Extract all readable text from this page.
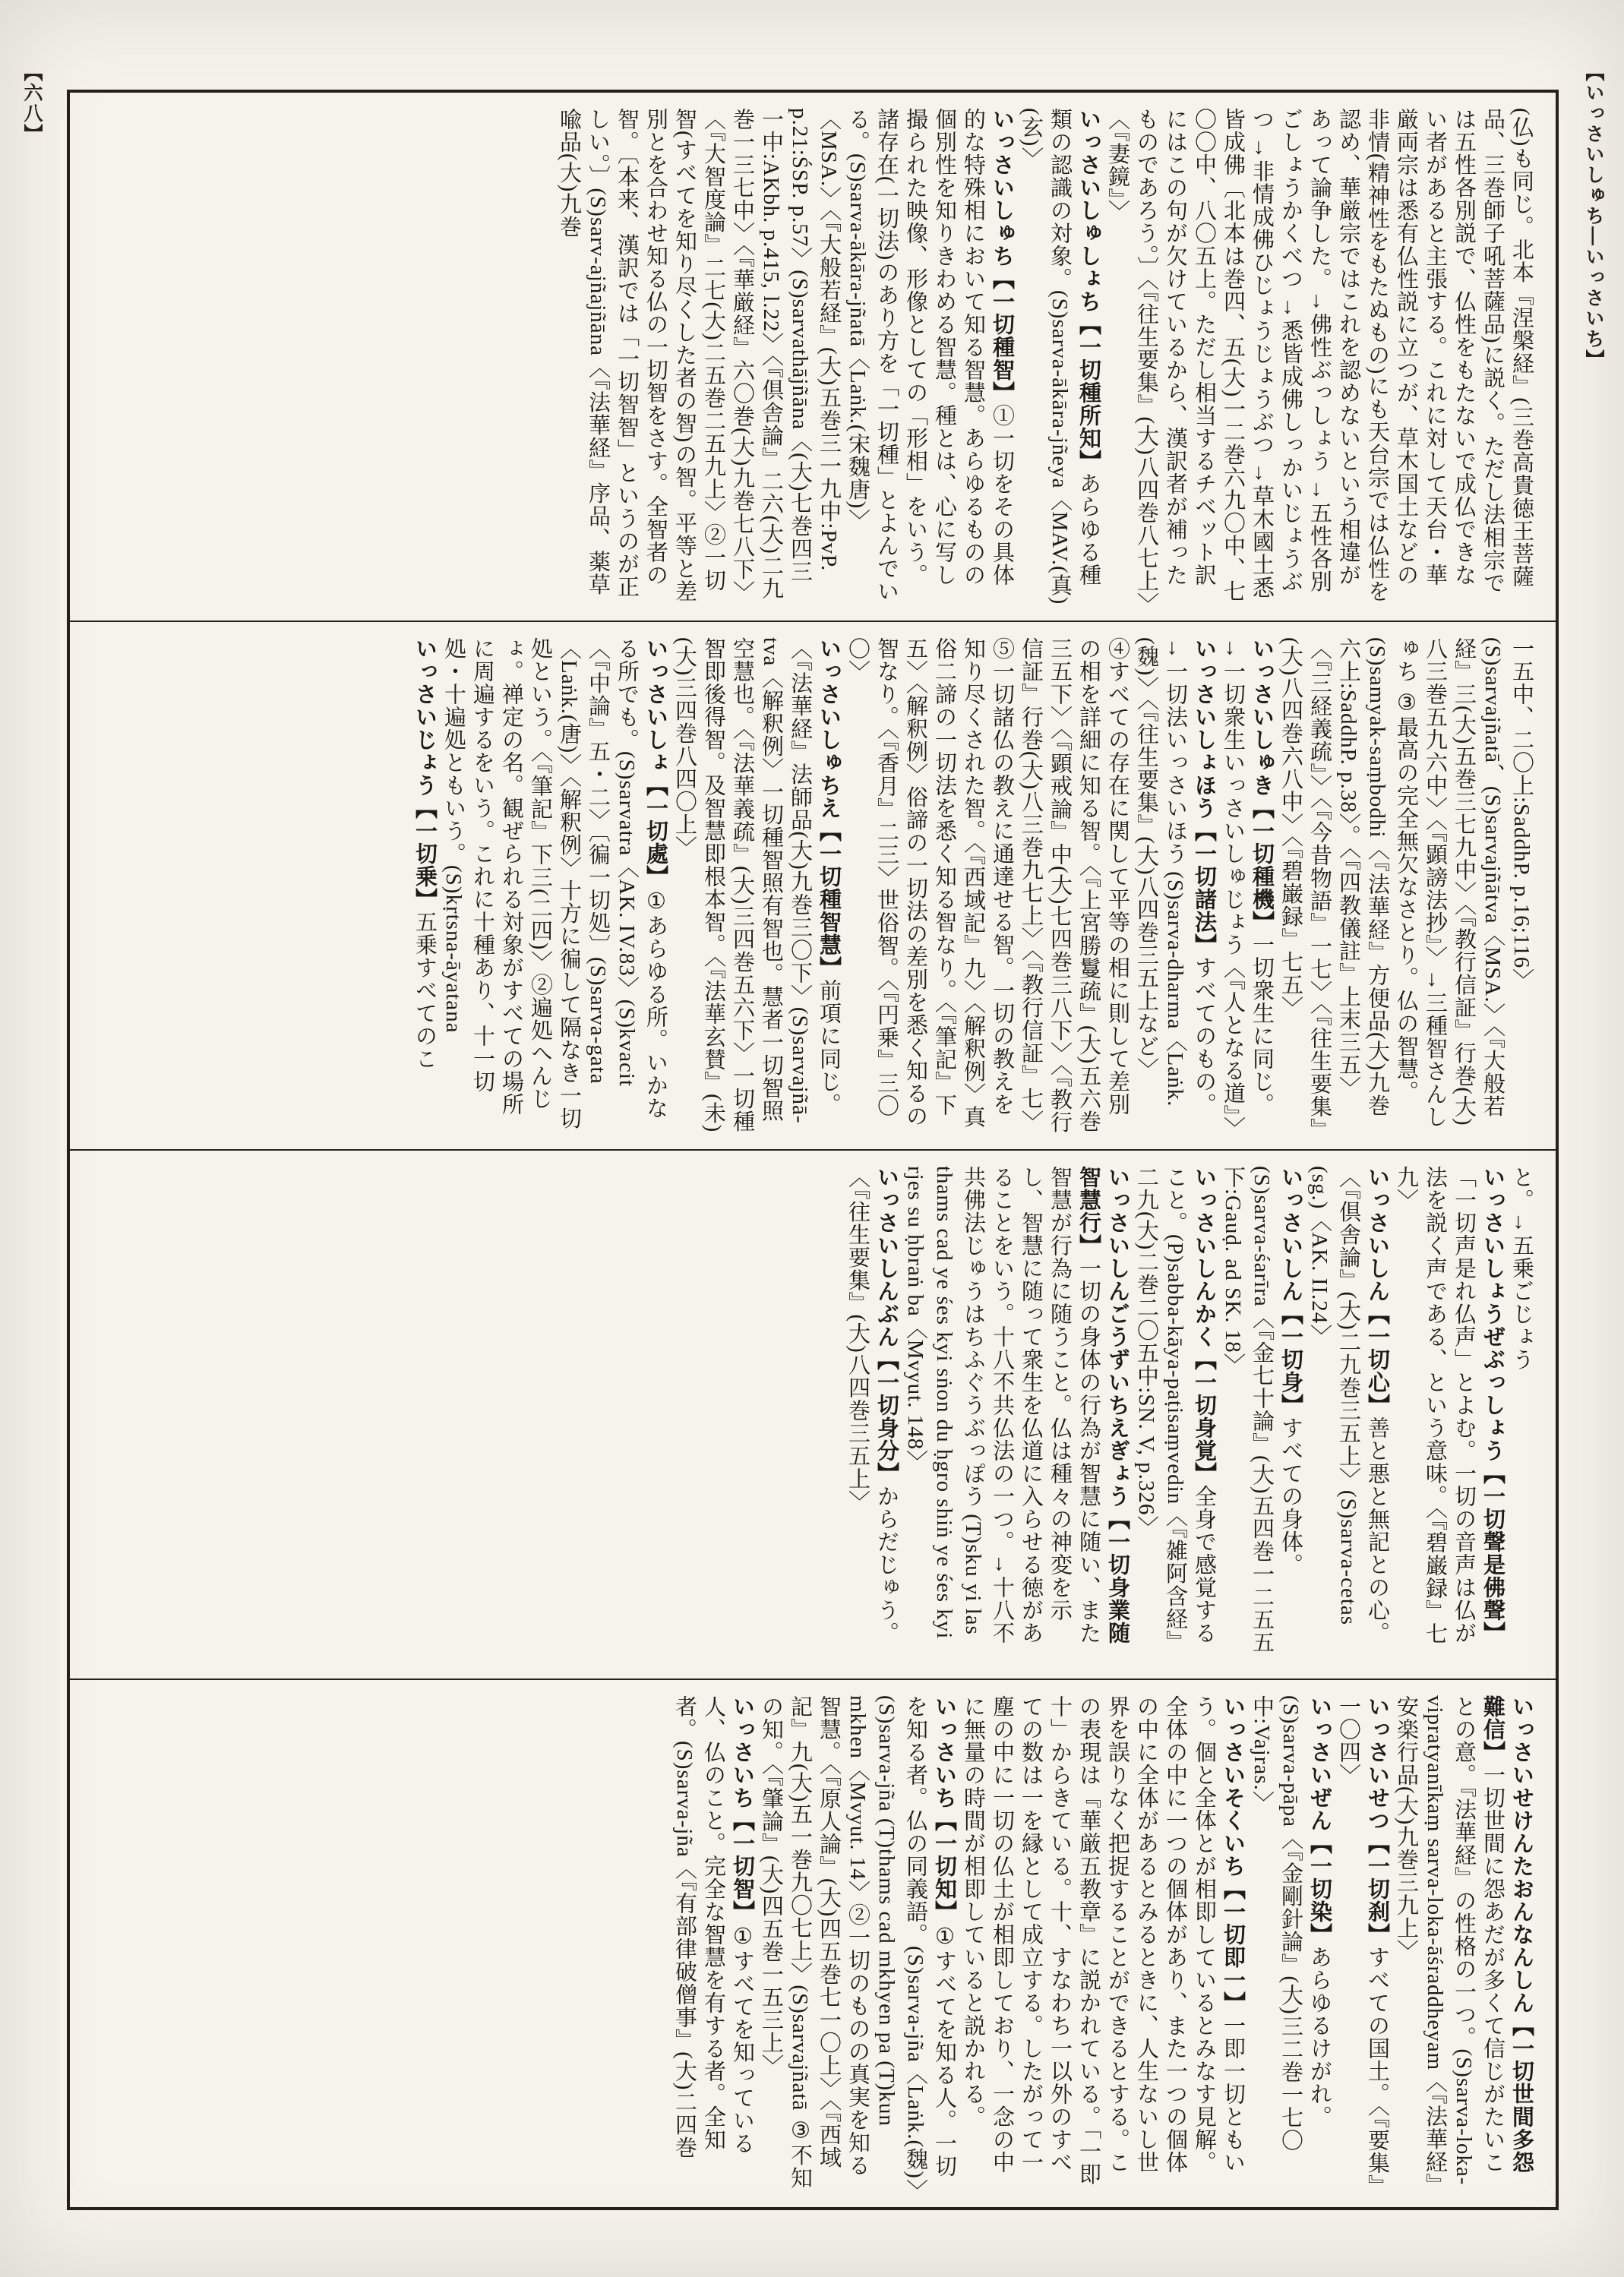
【いっさいしゅち―いっさいち】
【六八】

(仏)も同じ。北本『涅槃経』(三巻高貴徳王菩薩品、三巻師子吼菩薩品)に説く。ただし法相宗では五性各別説で、仏性をもたないで成仏できない者があると主張する。これに対して天台・華厳両宗は悉有仏性説に立つが、草木国土などの非情(精神性をもたぬもの)にも天台宗では仏性を認め、華厳宗ではこれを認めないという相違があって論争した。→佛性ぶっしょう →五性各別ごしょうかくべつ →悉皆成佛しっかいじょうぶつ →非情成佛ひじょうじょうぶつ →草木國土悉皆成佛〔北本は巻四、五(大)一二巻六九〇中、七〇〇中、八〇五上。ただし相当するチベット訳にはこの句が欠けているから、漢訳者が補ったものであろう。〕〈『往生要集』(大)八四巻八七上〉〈『妻鏡』〉

いっさいしゅしょち【一切種所知】あらゆる種類の認識の対象。(S)sarva-ākāra-jñeya〈MAV.(真)(玄)〉

いっさいしゅち【一切種智】①一切をその具体的な特殊相において知る智慧。あらゆるものの個別性を知りきわめる智慧。種とは、心に写し撮られた映像、形像としての「形相」をいう。諸存在(一切法)のあり方を「一切種」とよんでいる。(S)sarva-ākāra-jñatā〈Laṅk.(宋魏唐)〉〈MSA.〉〈『大般若経』(大)五巻三一九中:PvP. p.21:ŚSP. p.57〉(S)sarvathājñāna〈(大)七巻四三一中:AKbh. p.415, l.22〉〈『倶舎論』二六(大)二九巻一三七中〉〈『華厳経』六〇巻(大)九巻七八下〉〈『大智度論』二七(大)二五巻二五九上〉②一切智(すべてを知り尽くした者の智)の智。平等と差別とを合わせ知る仏の一切智をさす。全智者の智。〔本来、漢訳では「一切智智」というのが正しい。〕(S)sarv-ajñajñāna〈『法華経』序品、薬草喩品(大)九巻

一五中、二〇上:SaddhP. p.16;116〉(S)sarvajñatā、(S)sarvajñātva〈MSA.〉〈『大般若経』三(大)五巻三七九中〉〈『教行信証』行巻(大)八三巻五九六中〉〈『顕謗法抄』〉→三種智さんしゅち ③最高の完全無欠なさとり。仏の智慧。(S)samyak-saṃbodhi〈『法華経』方便品(大)九巻六上:SaddhP. p.38〉。〈『四教儀註』上末三五〉〈『三経義疏』〉〈『今昔物語』一七〉〈『往生要集』(大)八四巻六八中〉〈『碧巌録』七五〉

いっさいしゅき【一切種機】一切衆生に同じ。→一切衆生いっさいしゅじょう〈『人となる道』〉

いっさいしょほう【一切諸法】すべてのもの。→一切法いっさいほう (S)sarva-dharma〈Laṅk.(魏)〉〈『往生要集』(大)八四巻三五上など〉

④すべての存在に関して平等の相に則して差別の相を詳細に知る智。〈『上宮勝鬘疏』(大)五六巻三五下〉〈『顕戒論』中(大)七四巻三八下〉〈『教行信証』行巻(大)八三巻九七上〉〈『教行信証』七〉⑤一切諸仏の教えに通達せる智。一切の教えを知り尽くされた智。〈『西域記』九〉〈解釈例〉真俗二諦の一切法を悉く知る智なり。〈『筆記』下五〉〈解釈例〉俗諦の一切法の差別を悉く知るの智なり。〈『香月』二三〉世俗智。〈『円乗』三〇〇〉

いっさいしゅちえ【一切種智慧】前項に同じ。〈『法華経』法師品(大)九巻三〇下〉(S)sarvajñā-tva〈解釈例〉一切種智照有智也。慧者一切智照空慧也。〈『法華義疏』(大)三四巻五六下〉一切種智即後得智。及智慧即根本智。〈『法華玄賛』(未)(大)三四巻八四〇上〉

いっさいしょ【一切處】①あらゆる所。いかなる所でも。(S)sarvatra〈AK. IV.83〉(S)kvacit〈『中論』五・二〉〔徧一切処〕(S)sarva-gata〈Laṅk.(唐)〉〈解釈例〉十方に徧して隔なき一切処という。〈『筆記』下三(二四)〉②遍処へんじょ。禅定の名。観ぜられる対象がすべての場所に周遍するをいう。これに十種あり、十一切処・十遍処ともいう。(S)kṛtsna-āyatana

いっさいじょう【一切乗】五乗すべてのこ

と。→五乗ごじょう

いっさいしょうぜぶっしょう【一切聲是佛聲】「一切声是れ仏声」とよむ。一切の音声は仏が法を説く声である、という意味。〈『碧巌録』七九〉

いっさいしん【一切心】善と悪と無記との心。〈『倶舎論』(大)二九巻三五上〉(S)sarva-cetas (sg.)〈AK. II.24〉

いっさいしん【一切身】すべての身体。(S)sarva-śarīra〈『金七十論』(大)五四巻一二五五下:Gauḍ. ad SK. 18〉

いっさいしんかく【一切身覚】全身で感覚すること。(P)sabba-kāya-paṭisaṃvedin〈『雑阿含経』二九(大)二巻二〇五中:SN. V, p.326〉

いっさいしんごうずいちえぎょう【一切身業随智慧行】一切の身体の行為が智慧に随い、また智慧が行為に随うこと。仏は種々の神変を示し、智慧に随って衆生を仏道に入らせる徳があることをいう。十八不共仏法の一つ。→十八不共佛法じゅうはちふぐうぶっぽう (T)sku yi las thams cad ye śes kyi sṅon du ḥgro shiṅ ye śes kyi rjes su ḥbraṅ ba〈Mvyut. 148〉

いっさいしんぶん【一切身分】からだじゅう。〈『往生要集』(大)八四巻三五上〉

いっさいせけんたおんなんしん【一切世間多怨難信】一切世間に怨あだが多くて信じがたいことの意。『法華経』の性格の一つ。(S)sarva-loka-vipratyanīkaṃ sarva-loka-āśraddheyam〈『法華経』安楽行品(大)九巻三九上〉

いっさいせつ【一切刹】すべての国土。〈『要集』一〇四〉

いっさいぜん【一切染】あらゆるけがれ。(S)sarva-pāpa〈『金剛針論』(大)三二巻一七〇中:Vajras.〉

いっさいそくいち【一切即一】一即一切ともいう。個と全体とが相即しているとみなす見解。全体の中に一つの個体があり、また一つの個体の中に全体があるとみるときに、人生ないし世界を誤りなく把捉することができるとする。この表現は『華厳五教章』に説かれている。「一即十」からきている。十、すなわち一以外のすべての数は一を縁として成立する。したがって一塵の中に一切の仏土が相即しており、一念の中に無量の時間が相即していると説かれる。

いっさいち【一切知】①すべてを知る人。一切を知る者。仏の同義語。(S)sarva-jña〈Laṅk.(魏)〉(S)sarva-jña (T)thams cad mkhyen pa (T)kun mkhen〈Mvyut. 14〉②一切のものの真実を知る智慧。〈『原人論』(大)四五巻七一〇上〉〈『西域記』九(大)五一巻九〇七上〉(S)sarvajñatā ③不知の知。〈『肇論』(大)四五巻一五三上〉

いっさいち【一切智】①すべてを知っている人、仏のこと。完全な智慧を有する者。全知者。(S)sarva-jña〈『有部律破僧事』(大)二四巻
